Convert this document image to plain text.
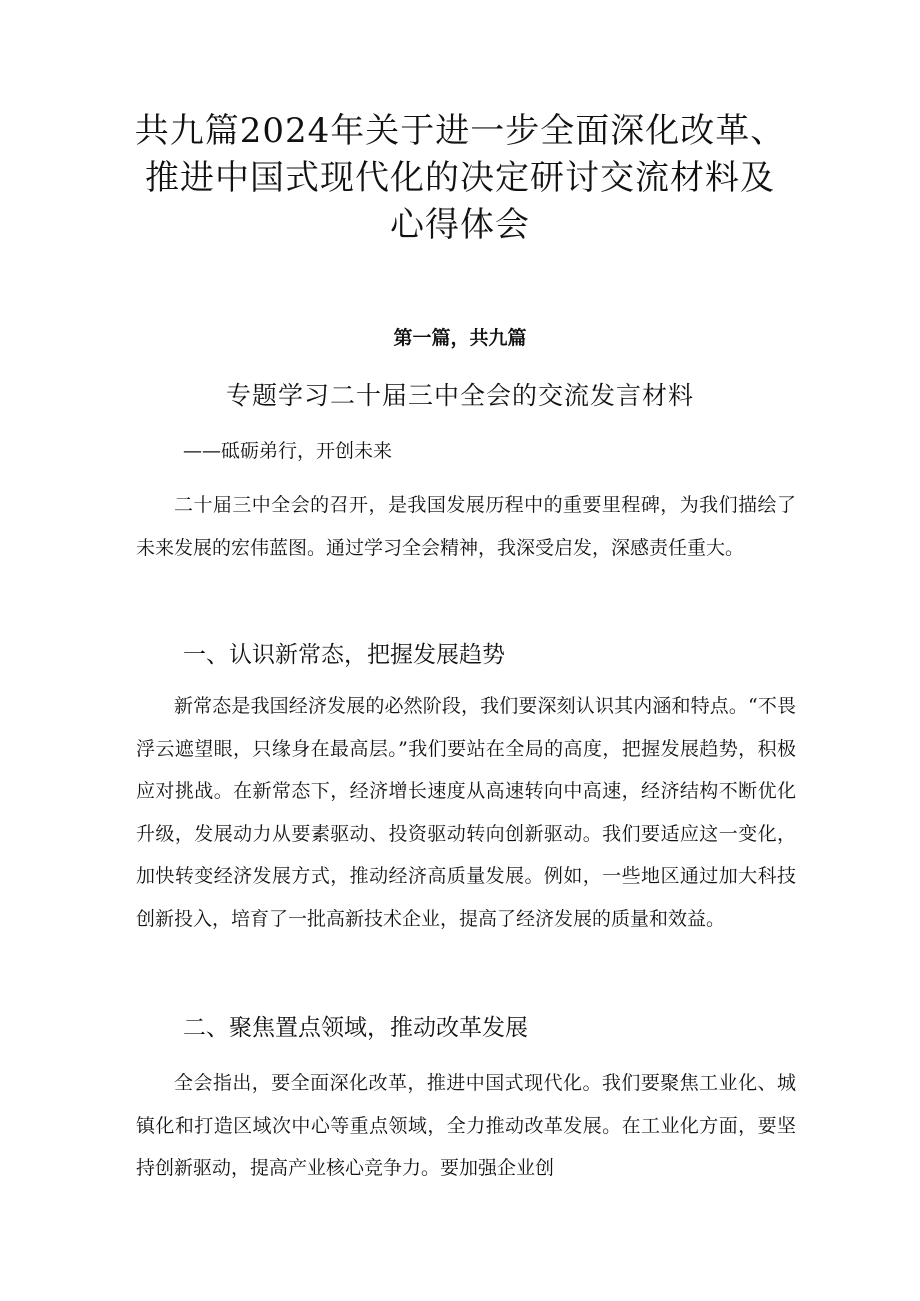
共九篇2024年关于进一步全面深化改革、
推进中国式现代化的决定研讨交流材料及
心得体会

第一篇，共九篇

专题学习二十届三中全会的交流发言材料

——砥砺弟行，开创未来

二十届三中全会的召开，是我国发展历程中的重要里程碑，为我们描绘了未来发展的宏伟蓝图。通过学习全会精神，我深受启发，深感责任重大。

一、认识新常态，把握发展趋势

新常态是我国经济发展的必然阶段，我们要深刻认识其内涵和特点。“不畏浮云遮望眼，只缘身在最高层。”我们要站在全局的高度，把握发展趋势，积极应对挑战。在新常态下，经济增长速度从高速转向中高速，经济结构不断优化升级，发展动力从要素驱动、投资驱动转向创新驱动。我们要适应这一变化，加快转变经济发展方式，推动经济高质量发展。例如，一些地区通过加大科技创新投入，培育了一批高新技术企业，提高了经济发展的质量和效益。

二、聚焦置点领域，推动改革发展

全会指出，要全面深化改革，推进中国式现代化。我们要聚焦工业化、城镇化和打造区域次中心等重点领域，全力推动改革发展。在工业化方面，要坚持创新驱动，提高产业核心竞争力。要加强企业创
